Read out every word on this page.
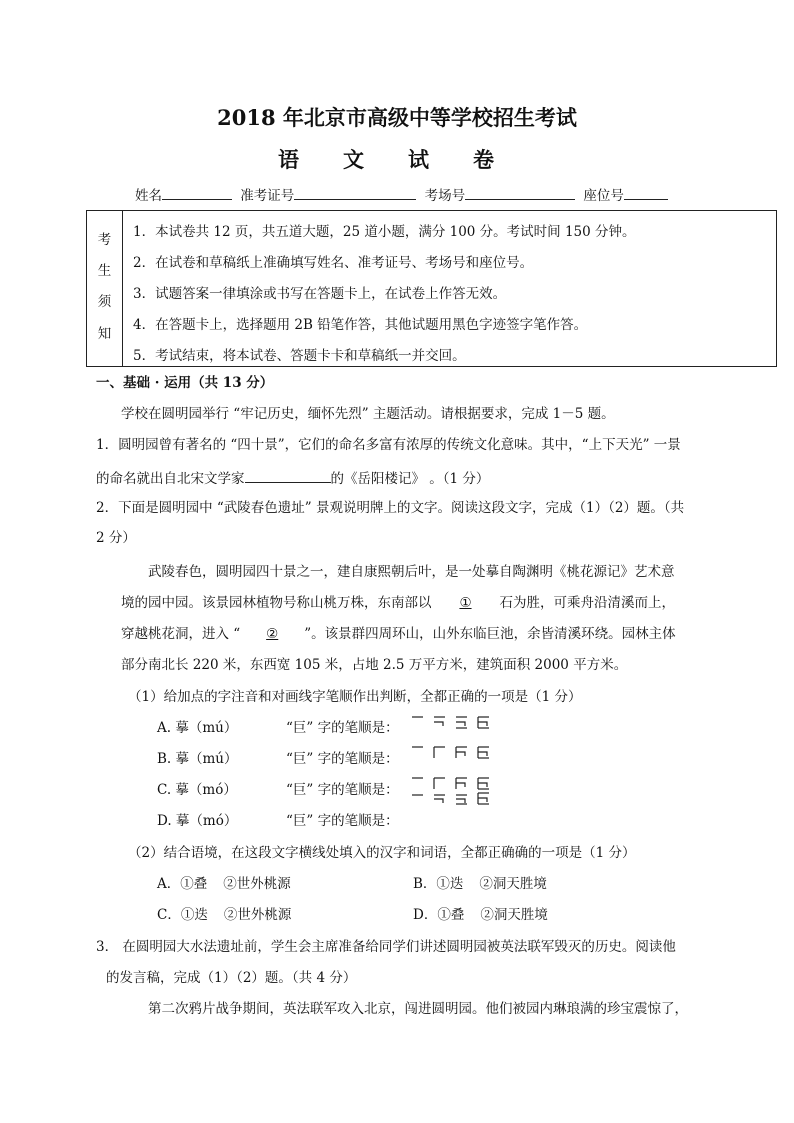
2018 年北京市高级中等学校招生考试
语文试卷
姓名	准考证号	考场号	座位号
考
生
须
知
1．本试卷共 12 页，共五道大题，25 道小题，满分 100 分。考试时间 150 分钟。
2．在试卷和草稿纸上准确填写姓名、准考证号、考场号和座位号。
3．试题答案一律填涂或书写在答题卡上，在试卷上作答无效。
4．在答题卡上，选择题用 2B 铅笔作答，其他试题用黑色字迹签字笔作答。
5．考试结束，将本试卷、答题卡卡和草稿纸一并交回。
一、基础 · 运用（共 13 分）
学校在圆明园举行 “牢记历史，缅怀先烈” 主题活动。请根据要求，完成 1－5 题。
1．圆明园曾有著名的 “四十景”，它们的命名多富有浓厚的传统文化意味。其中，“上下天光” 一景
的命名就出自北宋文学家	的《岳阳楼记》 。（1 分）
2．下面是圆明园中 “武陵春色遗址” 景观说明牌上的文字。阅读这段文字，完成（1）（2）题。（共
2 分）
武陵春色，圆明园四十景之一，建自康熙朝后叶，是一处摹自陶渊明《桃花源记》艺术意
境的园中园。该景园林植物号称山桃万株，东南部以 ① 石为胜，可乘舟沿清溪而上，
穿越桃花洞，进入 “ ② ”。该景群四周环山，山外东临巨池，余皆清溪环绕。园林主体
部分南北长 220 米，东西宽 105 米，占地 2.5 万平方米，建筑面积 2000 平方米。
（1）给加点的字注音和对画线字笔顺作出判断，全都正确的一项是（1 分）
A. 摹（mú）	“巨” 字的笔顺是：
B. 摹（mú）	“巨” 字的笔顺是：
C. 摹（mó）	“巨” 字的笔顺是：
D. 摹（mó）	“巨” 字的笔顺是：
（2）结合语境，在这段文字横线处填入的汉字和词语，全都正确确的一项是（1 分）
A．①叠 ②世外桃源	B．①迭 ②洞天胜境
C．①迭 ②世外桃源	D．①叠 ②洞天胜境
3． 在圆明园大水法遗址前，学生会主席准备给同学们讲述圆明园被英法联军毁灭的历史。阅读他
的发言稿，完成（1）（2）题。（共 4 分）
第二次鸦片战争期间，英法联军攻入北京，闯进圆明园。他们被园内琳琅满的珍宝震惊了，
